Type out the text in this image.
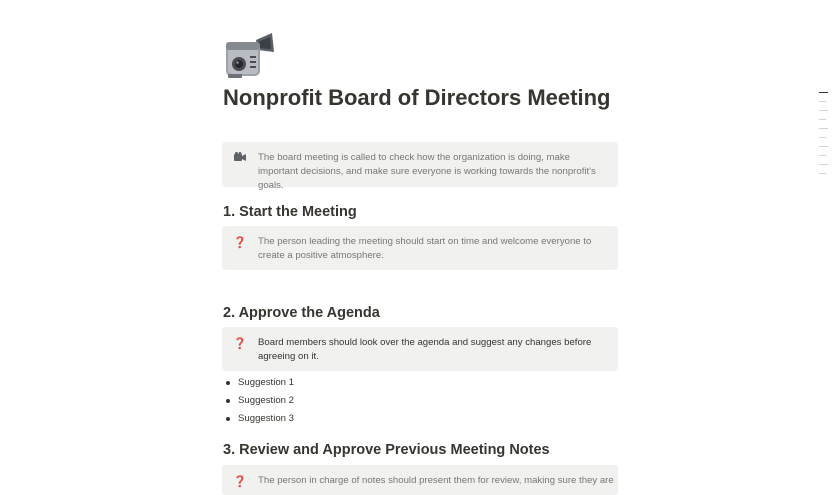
Nonprofit Board of Directors Meeting
The board meeting is called to check how the organization is doing, make important decisions, and make sure everyone is working towards the nonprofit's goals.
1. Start the Meeting
❓ The person leading the meeting should start on time and welcome everyone to create a positive atmosphere.
2. Approve the Agenda
❓ Board members should look over the agenda and suggest any changes before agreeing on it.
Suggestion 1
Suggestion 2
Suggestion 3
3. Review and Approve Previous Meeting Notes
❓ The person in charge of notes should present them for review, making sure they are
